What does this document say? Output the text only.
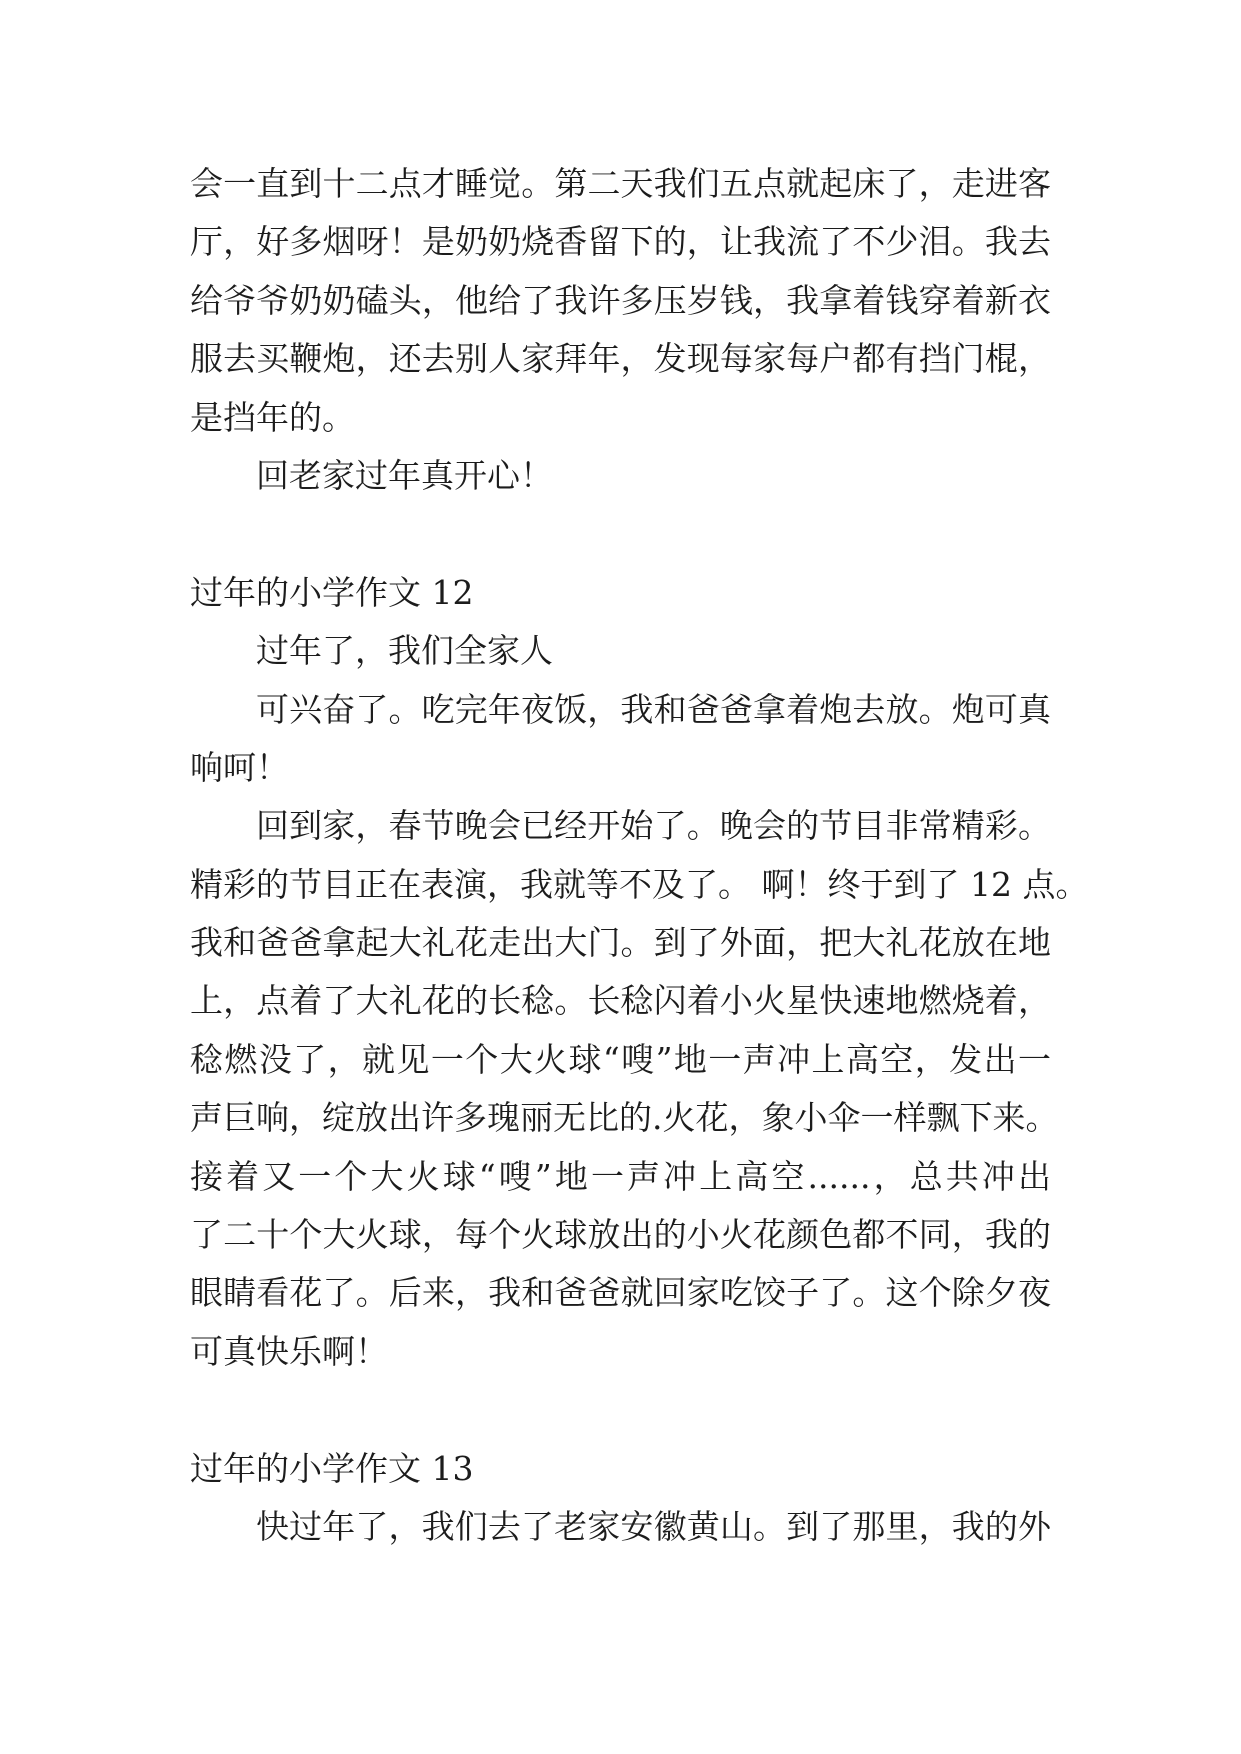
会一直到十二点才睡觉。第二天我们五点就起床了，走进客
厅，好多烟呀！是奶奶烧香留下的，让我流了不少泪。我去
给爷爷奶奶磕头，他给了我许多压岁钱，我拿着钱穿着新衣
服去买鞭炮，还去别人家拜年，发现每家每户都有挡门棍，
是挡年的。
回老家过年真开心！
过年的小学作文 12
过年了，我们全家人
可兴奋了。吃完年夜饭，我和爸爸拿着炮去放。炮可真
响呵！
回到家，春节晚会已经开始了。晚会的节目非常精彩。
精彩的节目正在表演，我就等不及了。 啊！终于到了 12 点。
我和爸爸拿起大礼花走出大门。到了外面，把大礼花放在地
上，点着了大礼花的长稔。长稔闪着小火星快速地燃烧着，
稔燃没了，就见一个大火球“嗖”地一声冲上高空，发出一
声巨响，绽放出许多瑰丽无比的.火花，象小伞一样飘下来。
接着又一个大火球“嗖”地一声冲上高空......，总共冲出
了二十个大火球，每个火球放出的小火花颜色都不同，我的
眼睛看花了。后来，我和爸爸就回家吃饺子了。这个除夕夜
可真快乐啊！
过年的小学作文 13
快过年了，我们去了老家安徽黄山。到了那里，我的外
